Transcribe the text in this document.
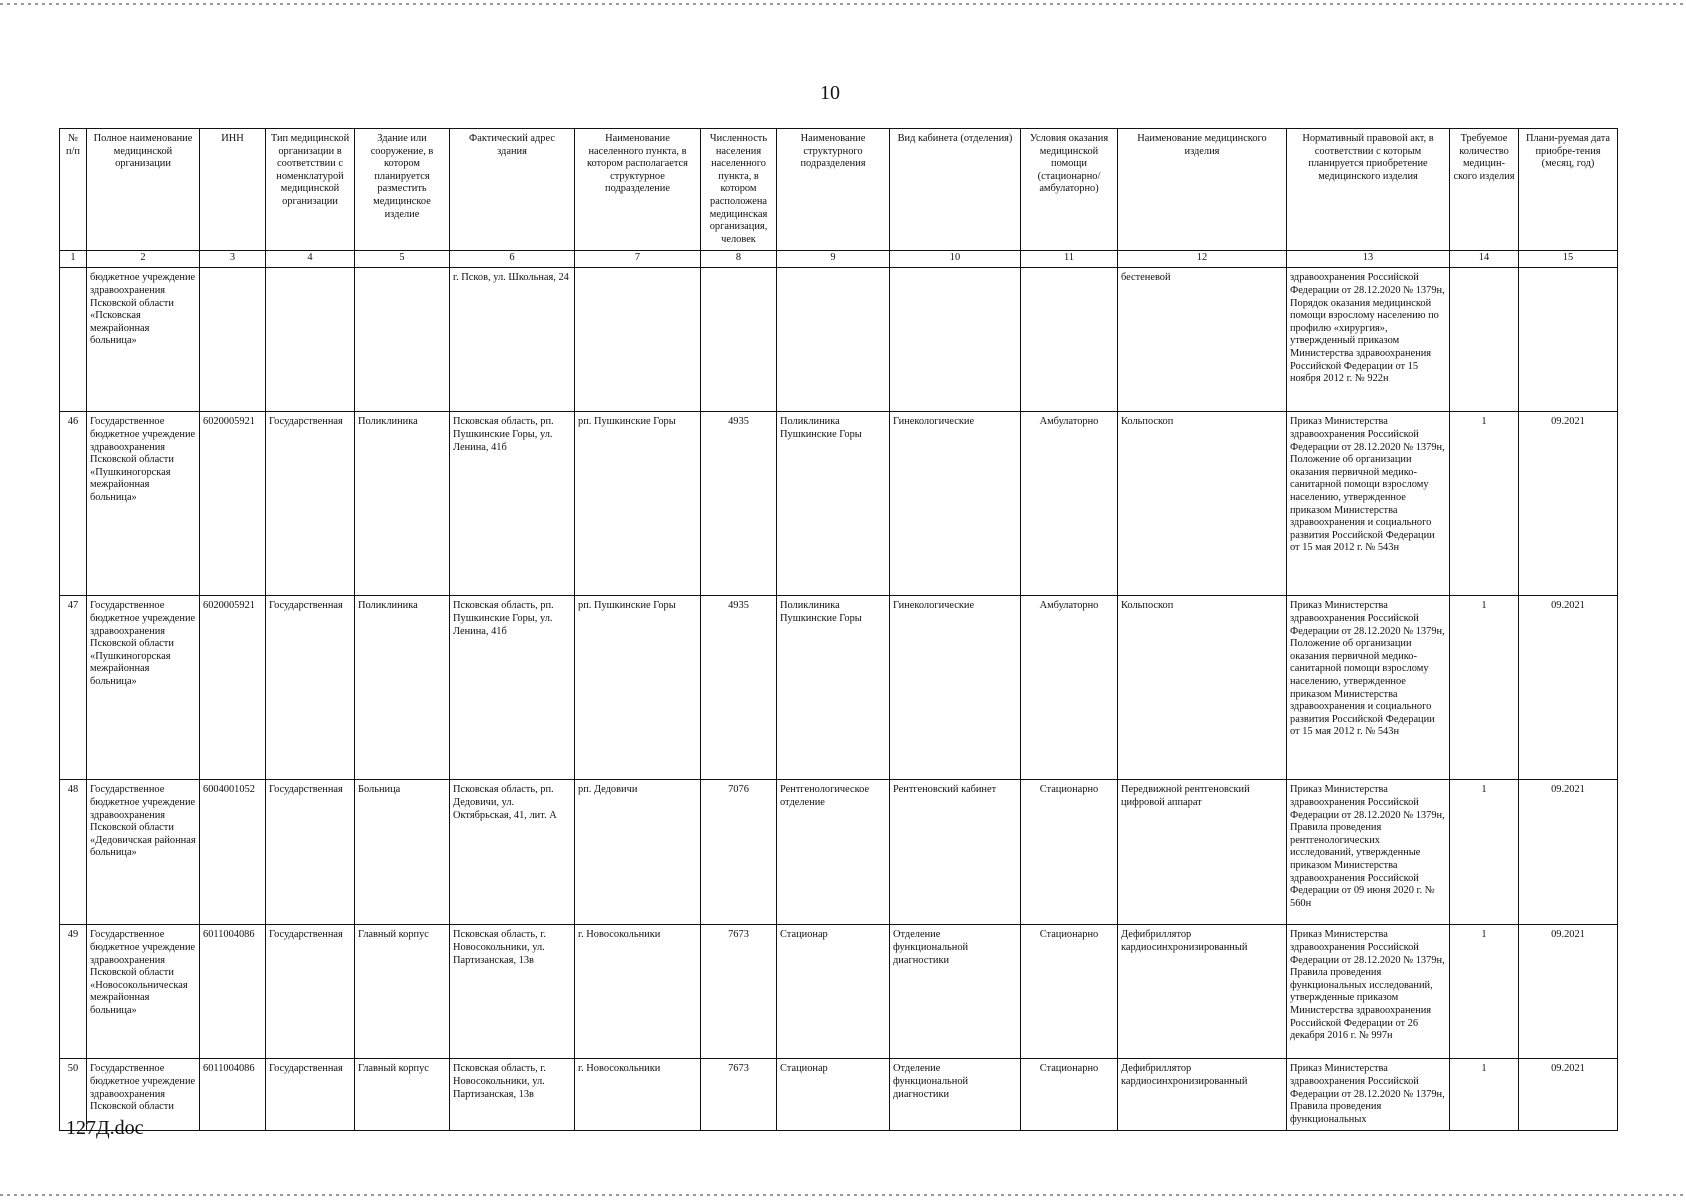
10
№ п/п	Полное наименование медицинской организации	ИНН	Тип медицинской организации в соответствии с номенклатурой медицинской организации	Здание или сооружение, в котором планируется разместить медицинское изделие	Фактический адрес здания	Наименование населенного пункта, в котором располагается структурное подразделение	Численность населения населенного пункта, в котором расположена медицинская организация, человек	Наименование структурного подразделения	Вид кабинета (отделения)	Условия оказания медицинской помощи (стационарно/ амбулаторно)	Наименование медицинского изделия	Нормативный правовой акт, в соответствии с которым планируется приобретение медицинского изделия	Требуемое количество медицин-ского изделия	Плани-руемая дата приобре-тения (месяц, год)
1	2	3	4	5	6	7	8	9	10	11	12	13	14	15
	бюджетное учреждение здравоохранения Псковской области «Псковская межрайонная больница»				г. Псков, ул. Школьная, 24						бестеневой	здравоохранения Российской Федерации от 28.12.2020 № 1379н, Порядок оказания медицинской помощи взрослому населению по профилю «хирургия», утвержденный приказом Министерства здравоохранения Российской Федерации от 15 ноября 2012 г. № 922н		
46	Государственное бюджетное учреждение здравоохранения Псковской области «Пушкиногорская межрайонная больница»	6020005921	Государственная	Поликлиника	Псковская область, рп. Пушкинские Горы, ул. Ленина, 41б	рп. Пушкинские Горы	4935	Поликлиника Пушкинские Горы	Гинекологические	Амбулаторно	Кольпоскоп	Приказ Министерства здравоохранения Российской Федерации от 28.12.2020 № 1379н, Положение об организации оказания первичной медико-санитарной помощи взрослому населению, утвержденное приказом Министерства здравоохранения и социального развития Российской Федерации от 15 мая 2012 г. № 543н	1	09.2021
47	Государственное бюджетное учреждение здравоохранения Псковской области «Пушкиногорская межрайонная больница»	6020005921	Государственная	Поликлиника	Псковская область, рп. Пушкинские Горы, ул. Ленина, 41б	рп. Пушкинские Горы	4935	Поликлиника Пушкинские Горы	Гинекологические	Амбулаторно	Кольпоскоп	Приказ Министерства здравоохранения Российской Федерации от 28.12.2020 № 1379н, Положение об организации оказания первичной медико-санитарной помощи взрослому населению, утвержденное приказом Министерства здравоохранения и социального развития Российской Федерации от 15 мая 2012 г. № 543н	1	09.2021
48	Государственное бюджетное учреждение здравоохранения Псковской области «Дедовичская районная больница»	6004001052	Государственная	Больница	Псковская область, рп. Дедовичи, ул. Октябрьская, 41, лит. А	рп. Дедовичи	7076	Рентгенологическое отделение	Рентгеновский кабинет	Стационарно	Передвижной рентгеновский цифровой аппарат	Приказ Министерства здравоохранения Российской Федерации от 28.12.2020 № 1379н, Правила проведения рентгенологических исследований, утвержденные приказом Министерства здравоохранения Российской Федерации от 09 июня 2020 г. № 560н	1	09.2021
49	Государственное бюджетное учреждение здравоохранения Псковской области «Новосокольническая межрайонная больница»	6011004086	Государственная	Главный корпус	Псковская область, г. Новосокольники, ул. Партизанская, 13в	г. Новосокольники	7673	Стационар	Отделение функциональной диагностики	Стационарно	Дефибриллятор кардиосинхронизированный	Приказ Министерства здравоохранения Российской Федерации от 28.12.2020 № 1379н, Правила проведения функциональных исследований, утвержденные приказом Министерства здравоохранения Российской Федерации от 26 декабря 2016 г. № 997н	1	09.2021
50	Государственное бюджетное учреждение здравоохранения Псковской области	6011004086	Государственная	Главный корпус	Псковская область, г. Новосокольники, ул. Партизанская, 13в	г. Новосокольники	7673	Стационар	Отделение функциональной диагностики	Стационарно	Дефибриллятор кардиосинхронизированный	Приказ Министерства здравоохранения Российской Федерации от 28.12.2020 № 1379н, Правила проведения функциональных	1	09.2021
127Д.doc
